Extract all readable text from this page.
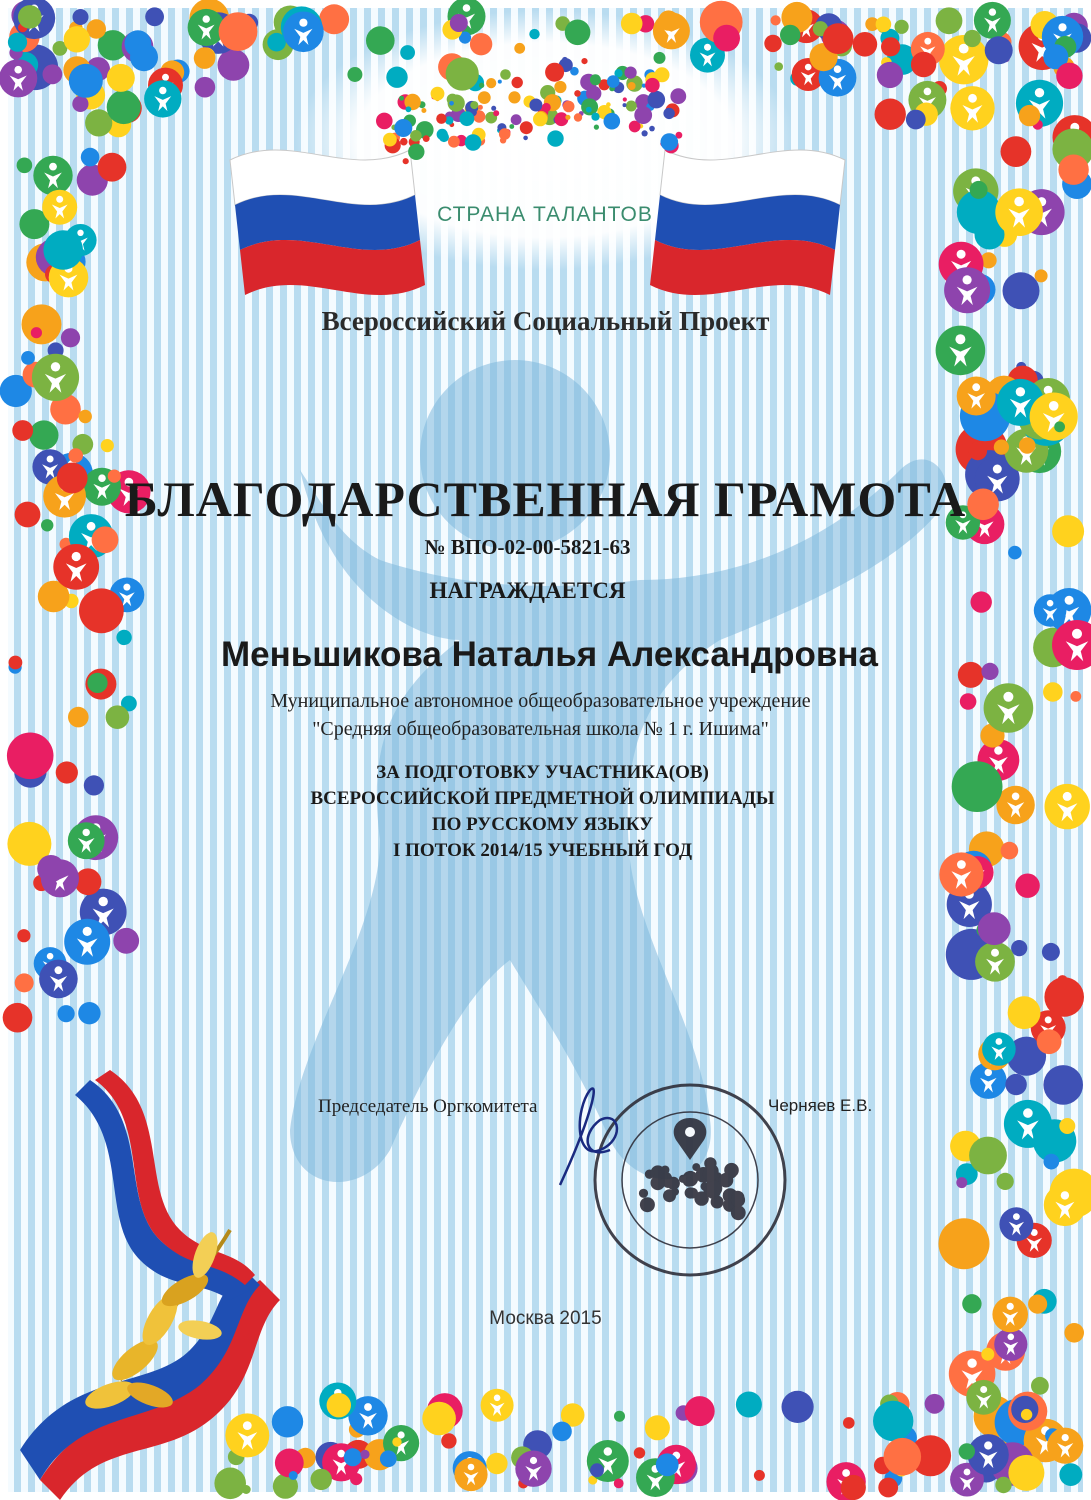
СТРАНА ТАЛАНТОВ
Всероссийский Социальный Проект
БЛАГОДАРСТВЕННАЯ ГРАМОТА
№ ВПО-02-00-5821-63
НАГРАЖДАЕТСЯ
Меньшикова Наталья Александровна
Муниципальное автономное общеобразовательное учреждение
"Средняя общеобразовательная школа № 1 г. Ишима"
ЗА ПОДГОТОВКУ УЧАСТНИКА(ОВ)
ВСЕРОССИЙСКОЙ ПРЕДМЕТНОЙ ОЛИМПИАДЫ
ПО РУССКОМУ ЯЗЫКУ
I ПОТОК 2014/15 УЧЕБНЫЙ ГОД
Председатель Оргкомитета	Черняев Е.В.
Москва 2015
